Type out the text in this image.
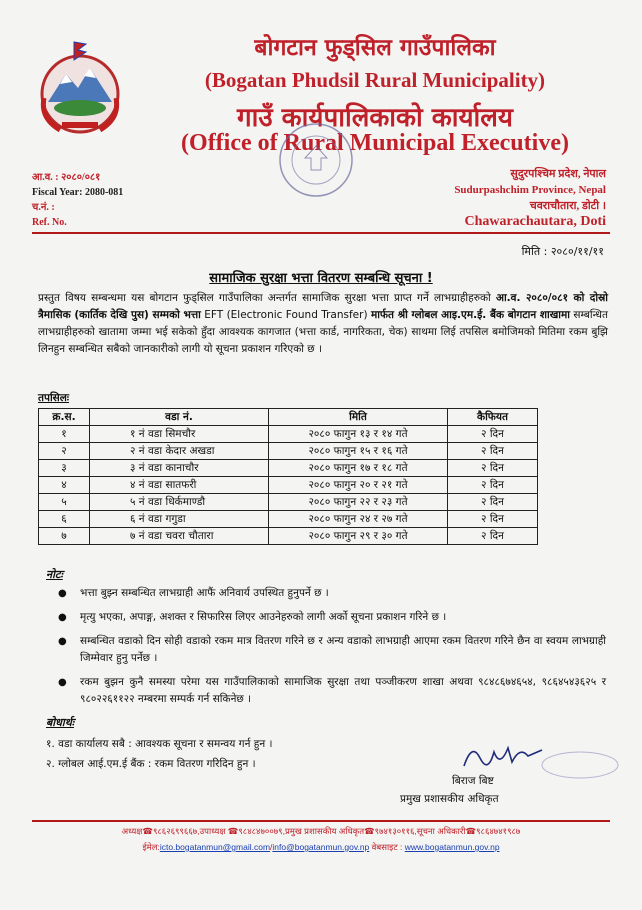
बोगटान फुड्सिल गाउँपालिका
(Bogatan Phudsil Rural Municipality)
गाउँ कार्यपालिकाको कार्यालय
(Office of Rural Municipal Executive)
आ.व. : २०८०/०८१
Fiscal Year: 2080-081
च.नं. :
Ref. No.
सुदुरपश्चिम प्रदेश, नेपाल
Sudurpashchim Province, Nepal
चवराचौतारा, डोटी ।
Chawarachautara, Doti
मिति : २०८०/११/११
सामाजिक सुरक्षा भत्ता वितरण सम्बन्धि सूचना !
प्रस्तुत विषय सम्बन्धमा यस बोगटान फुड्सिल गाउँपालिका अन्तर्गत सामाजिक सुरक्षा भत्ता प्राप्त गर्ने लाभग्राहीहरुको आ.व. २०८०/०८१ को दोस्रो त्रैमासिक (कार्तिक देखि पुस) सम्मको भत्ता EFT (Electronic Found Transfer) मार्फत श्री ग्लोबल आइ.एम.ई. बैंक बोगटान शाखामा सम्बन्धित लाभग्राहीहरुको खातामा जम्मा भई सकेको हुँदा आवश्यक कागजात (भत्ता कार्ड, नागरिकता, चेक) साथमा लिई तपसिल बमोजिमको मितिमा रकम बुझि लिनहुन सम्बन्धित सबैको जानकारीको लागी यो सूचना प्रकाशन गरिएको छ ।
तपसिलः
क्र.स.	वडा नं.	मिति	कैफियत
१	१ नं वडा सिमचौर	२०८० फागुन १३ र १४ गते	२ दिन
२	२ नं वडा केदार अखडा	२०८० फागुन १५ र १६ गते	२ दिन
३	३ नं वडा कानाचौर	२०८० फागुन १७ र १८ गते	२ दिन
४	४ नं वडा सातफरी	२०८० फागुन २० र २१ गते	२ दिन
५	५ नं वडा धिर्कमाण्डौ	२०८० फागुन २२ र २३ गते	२ दिन
६	६ नं वडा गगुडा	२०८० फागुन २४ र २७ गते	२ दिन
७	७ नं वडा चवरा चौतारा	२०८० फागुन २९ र ३० गते	२ दिन
नोटः
● भत्ता बुझ्न सम्बन्धित लाभग्राही आफैं अनिवार्य उपस्थित हुनुपर्ने छ ।
● मृत्यु भएका, अपाङ्ग, अशक्त र सिफारिस लिएर आउनेहरुको लागी अर्को सूचना प्रकाशन गरिने छ ।
● सम्बन्धित वडाको दिन सोही वडाको रकम मात्र वितरण गरिने छ र अन्य वडाको लाभग्राही आएमा रकम वितरण गरिने छैन वा स्वयम लाभग्राही जिम्मेवार हुनु पर्नेछ ।
● रकम बुझन कुनै समस्या परेमा यस गाउँपालिकाको सामाजिक सुरक्षा तथा पञ्जीकरण शाखा अथवा ९८४८६७४६५४, ९८६४५४३६२५ र ९८०२२६११२२ नम्बरमा सम्पर्क गर्न सकिनेछ ।
बोधार्थः
१. वडा कार्यालय सबै : आवश्यक सूचना र समन्वय गर्न हुन ।
२. ग्लोबल आई.एम.ई बैंक : रकम वितरण गरिदिन हुन ।
बिराज बिष्ट
प्रमुख प्रशासकीय अधिकृत
अध्यक्ष☎९८६२६९९६६७,उपाध्यक्ष ☎९८४८४७००७९,प्रमुख प्रशासकीय अधिकृत☎९७४१३०११६,सूचना अधिकारी☎९८६४७४१९८७
ईमेल:icto.bogatanmun@gmail.com/info@bogatanmun.gov.np वेबसाइट : www.bogatanmun.gov.np
